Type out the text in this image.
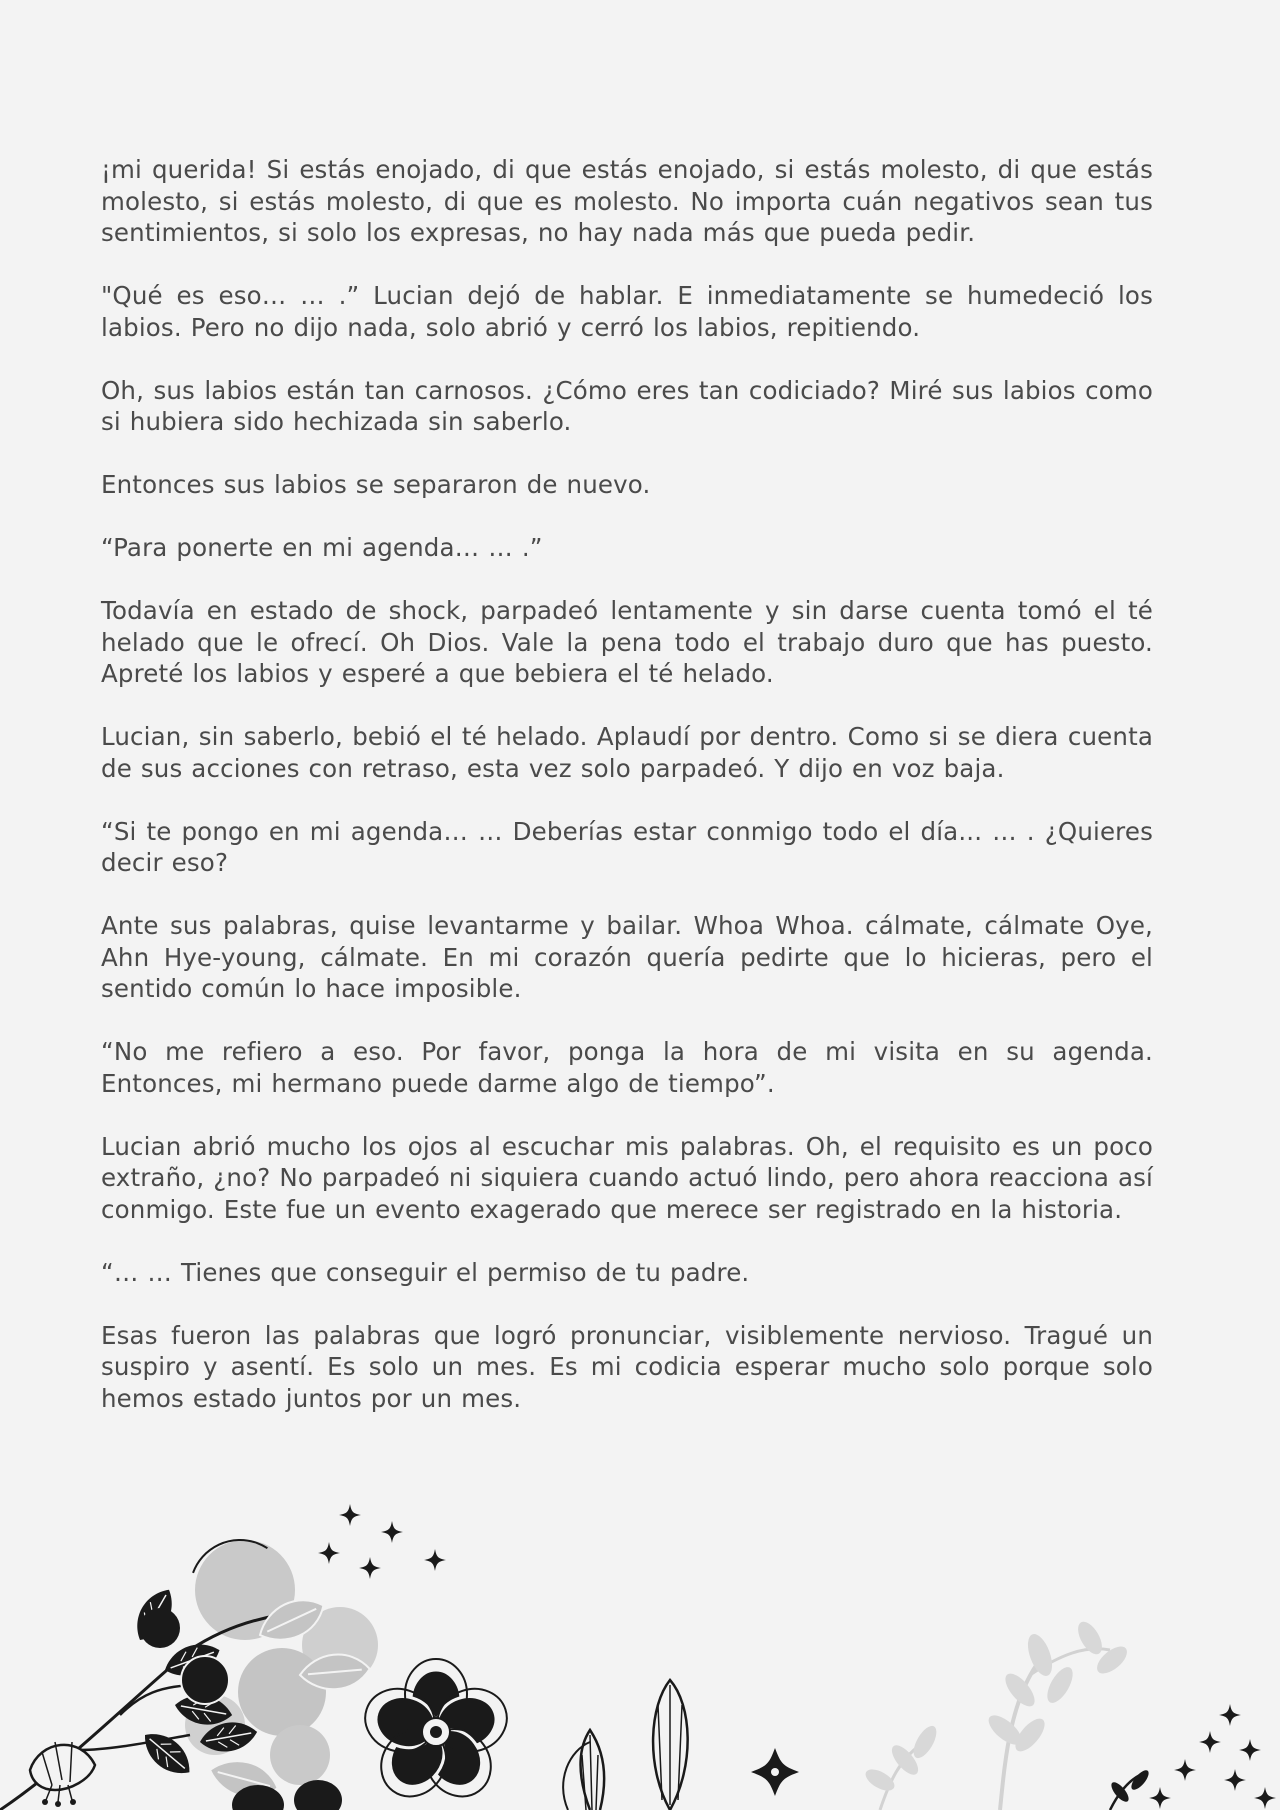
¡mi querida! Si estás enojado, di que estás enojado, si estás molesto, di que estás molesto, si estás molesto, di que es molesto. No importa cuán negativos sean tus sentimientos, si solo los expresas, no hay nada más que pueda pedir.

"Qué es eso… … .” Lucian dejó de hablar. E inmediatamente se humedeció los labios. Pero no dijo nada, solo abrió y cerró los labios, repitiendo.

Oh, sus labios están tan carnosos. ¿Cómo eres tan codiciado? Miré sus labios como si hubiera sido hechizada sin saberlo.

Entonces sus labios se separaron de nuevo.

“Para ponerte en mi agenda… … .”

Todavía en estado de shock, parpadeó lentamente y sin darse cuenta tomó el té helado que le ofrecí. Oh Dios. Vale la pena todo el trabajo duro que has puesto. Apreté los labios y esperé a que bebiera el té helado.

Lucian, sin saberlo, bebió el té helado. Aplaudí por dentro. Como si se diera cuenta de sus acciones con retraso, esta vez solo parpadeó. Y dijo en voz baja.

“Si te pongo en mi agenda… … Deberías estar conmigo todo el día... … . ¿Quieres decir eso?

Ante sus palabras, quise levantarme y bailar. Whoa Whoa. cálmate, cálmate Oye, Ahn Hye-young, cálmate. En mi corazón quería pedirte que lo hicieras, pero el sentido común lo hace imposible.

“No me refiero a eso. Por favor, ponga la hora de mi visita en su agenda. Entonces, mi hermano puede darme algo de tiempo”.

Lucian abrió mucho los ojos al escuchar mis palabras. Oh, el requisito es un poco extraño, ¿no? No parpadeó ni siquiera cuando actuó lindo, pero ahora reacciona así conmigo. Este fue un evento exagerado que merece ser registrado en la historia.

“… … Tienes que conseguir el permiso de tu padre.

Esas fueron las palabras que logró pronunciar, visiblemente nervioso. Tragué un suspiro y asentí. Es solo un mes. Es mi codicia esperar mucho solo porque solo hemos estado juntos por un mes.
